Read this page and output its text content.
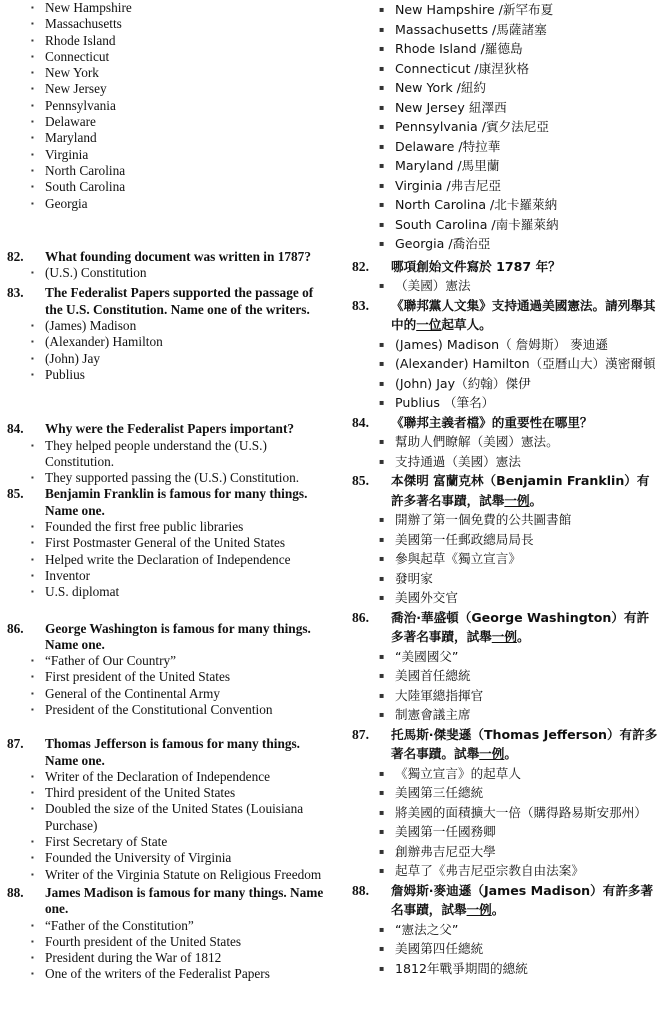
▪ New Hampshire
▪ Massachusetts
▪ Rhode Island
▪ Connecticut
▪ New York
▪ New Jersey
▪ Pennsylvania
▪ Delaware
▪ Maryland
▪ Virginia
▪ North Carolina
▪ South Carolina
▪ Georgia
82. What founding document was written in 1787?
▪ (U.S.) Constitution
83. The Federalist Papers supported the passage of the U.S. Constitution. Name one of the writers.
▪ (James) Madison
▪ (Alexander) Hamilton
▪ (John) Jay
▪ Publius
84. Why were the Federalist Papers important?
▪ They helped people understand the (U.S.) Constitution.
▪ They supported passing the (U.S.) Constitution.
85. Benjamin Franklin is famous for many things. Name one.
▪ Founded the first free public libraries
▪ First Postmaster General of the United States
▪ Helped write the Declaration of Independence
▪ Inventor
▪ U.S. diplomat
86. George Washington is famous for many things. Name one.
▪ “Father of Our Country”
▪ First president of the United States
▪ General of the Continental Army
▪ President of the Constitutional Convention
87. Thomas Jefferson is famous for many things. Name one.
▪ Writer of the Declaration of Independence
▪ Third president of the United States
▪ Doubled the size of the United States (Louisiana Purchase)
▪ First Secretary of State
▪ Founded the University of Virginia
▪ Writer of the Virginia Statute on Religious Freedom
88. James Madison is famous for many things. Name one.
▪ “Father of the Constitution”
▪ Fourth president of the United States
▪ President during the War of 1812
▪ One of the writers of the Federalist Papers
▪ New Hampshire /新罕布夏
▪ Massachusetts /馬薩諸塞
▪ Rhode Island /羅德島
▪ Connecticut /康涅狄格
▪ New York /紐約
▪ New Jersey 紐澤西
▪ Pennsylvania /賓夕法尼亞
▪ Delaware /特拉華
▪ Maryland /馬里蘭
▪ Virginia /弗吉尼亞
▪ North Carolina /北卡羅萊納
▪ South Carolina /南卡羅萊納
▪ Georgia /喬治亞
82. 哪項創始文件寫於 1787 年？
▪ （美國）憲法
83. 《聯邦黨人文集》支持通過美國憲法。請列舉其中的一位起草人。
▪ (James) Madison（ 詹姆斯） 麥迪遜
▪ (Alexander) Hamilton（亞曆山大）漢密爾頓
▪ (John) Jay（約翰）傑伊
▪ Publius （筆名）
84. 《聯邦主義者檔》的重要性在哪里？
▪ 幫助人們瞭解（美國）憲法。
▪ 支持通過（美國）憲法
85. 本傑明 富蘭克林（Benjamin Franklin）有許多著名事蹟，試舉一例。
▪ 開辦了第一個免費的公共圖書館
▪ 美國第一任郵政總局局長
▪ 參與起草《獨立宣言》
▪ 發明家
▪ 美國外交官
86. 喬治·華盛頓（George Washington）有許多著名事蹟，試舉一例。
▪ “美國國父”
▪ 美國首任總統
▪ 大陸軍總指揮官
▪ 制憲會議主席
87. 托馬斯·傑斐遜（Thomas Jefferson）有許多著名事蹟。試舉一例。
▪ 《獨立宣言》的起草人
▪ 美國第三任總統
▪ 將美國的面積擴大一倍（購得路易斯安那州）
▪ 美國第一任國務卿
▪ 創辦弗吉尼亞大學
▪ 起草了《弗吉尼亞宗教自由法案》
88. 詹姆斯·麥迪遜（James Madison）有許多著名事蹟，試舉一例。
▪ “憲法之父”
▪ 美國第四任總統
▪ 1812年戰爭期間的總統
